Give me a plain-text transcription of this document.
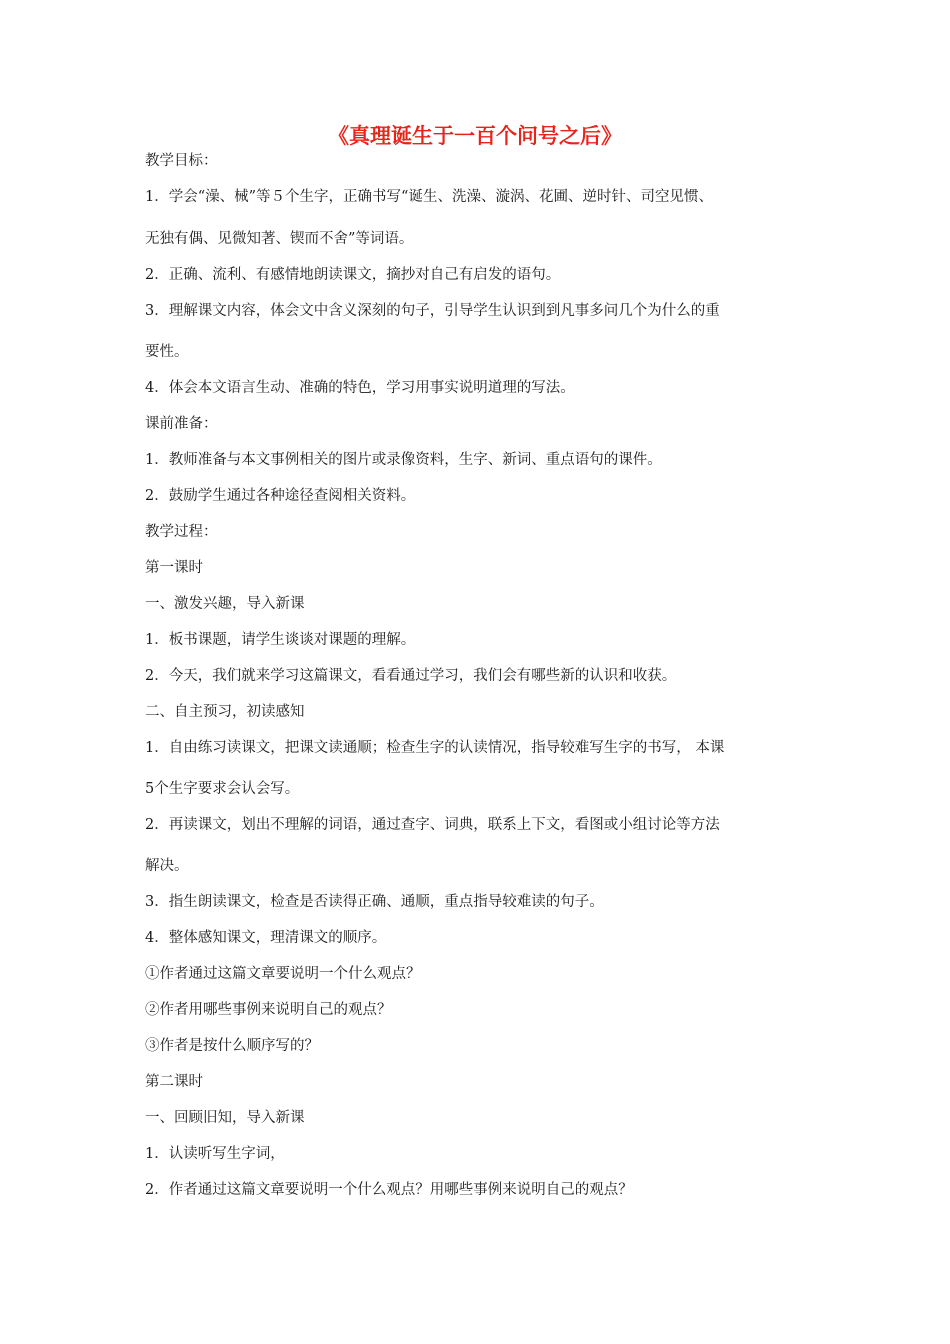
《真理诞生于一百个问号之后》
教学目标：
1．学会“澡、械”等５个生字，正确书写“诞生、洗澡、漩涡、花圃、逆时针、司空见惯、
无独有偶、见微知著、锲而不舍”等词语。
2．正确、流利、有感情地朗读课文，摘抄对自己有启发的语句。
3．理解课文内容，体会文中含义深刻的句子，引导学生认识到到凡事多问几个为什么的重
要性。
4．体会本文语言生动、准确的特色，学习用事实说明道理的写法。
课前准备：
1．教师准备与本文事例相关的图片或录像资料，生字、新词、重点语句的课件。
2．鼓励学生通过各种途径查阅相关资料。
教学过程：
第一课时
一、激发兴趣，导入新课
1．板书课题，请学生谈谈对课题的理解。
2．今天，我们就来学习这篇课文，看看通过学习，我们会有哪些新的认识和收获。
二、自主预习，初读感知
1．自由练习读课文，把课文读通顺；检查生字的认读情况，指导较难写生字的书写， 本课
5个生字要求会认会写。
2．再读课文，划出不理解的词语，通过查字、词典，联系上下文，看图或小组讨论等方法
解决。
3．指生朗读课文，检查是否读得正确、通顺，重点指导较难读的句子。
4．整体感知课文，理清课文的顺序。
①作者通过这篇文章要说明一个什么观点？
②作者用哪些事例来说明自己的观点？
③作者是按什么顺序写的？
第二课时
一、回顾旧知，导入新课
1．认读听写生字词，
2．作者通过这篇文章要说明一个什么观点？用哪些事例来说明自己的观点？
